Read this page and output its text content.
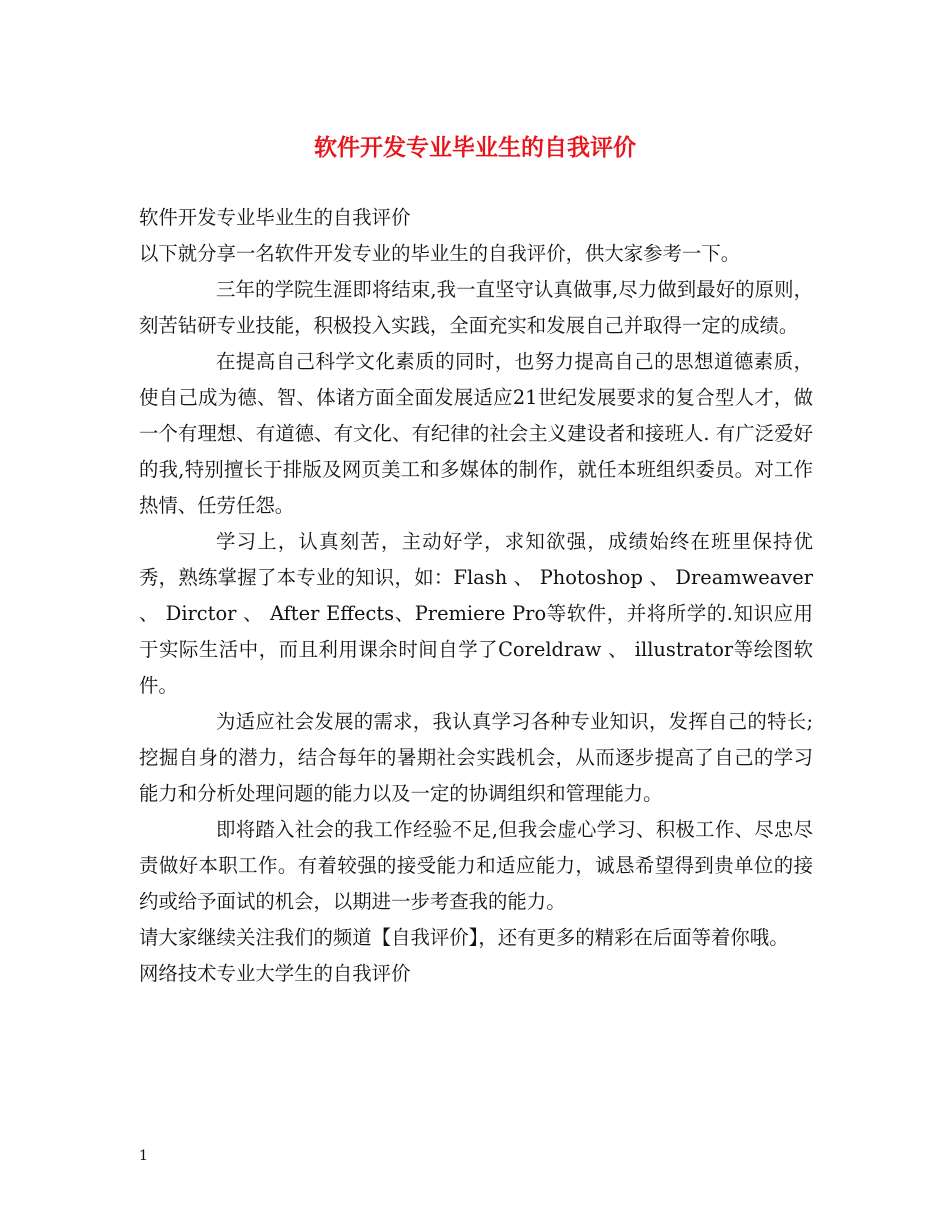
软件开发专业毕业生的自我评价

软件开发专业毕业生的自我评价

以下就分享一名软件开发专业的毕业生的自我评价，供大家参考一下。

三年的学院生涯即将结束,我一直坚守认真做事,尽力做到最好的原则，刻苦钻研专业技能，积极投入实践，全面充实和发展自己并取得一定的成绩。

在提高自己科学文化素质的同时，也努力提高自己的思想道德素质，使自己成为德、智、体诸方面全面发展适应21世纪发展要求的复合型人才，做一个有理想、有道德、有文化、有纪律的社会主义建设者和接班人. 有广泛爱好的我,特别擅长于排版及网页美工和多媒体的制作，就任本班组织委员。对工作热情、任劳任怨。

学习上，认真刻苦，主动好学，求知欲强，成绩始终在班里保持优秀，熟练掌握了本专业的知识，如：Flash 、 Photoshop 、 Dreamweaver 、 Dirctor 、 After Effects、Premiere Pro等软件，并将所学的.知识应用于实际生活中，而且利用课余时间自学了Coreldraw 、 illustrator等绘图软件。

为适应社会发展的需求，我认真学习各种专业知识，发挥自己的特长;挖掘自身的潜力，结合每年的暑期社会实践机会，从而逐步提高了自己的学习能力和分析处理问题的能力以及一定的协调组织和管理能力。

即将踏入社会的我工作经验不足,但我会虚心学习、积极工作、尽忠尽责做好本职工作。有着较强的接受能力和适应能力，诚恳希望得到贵单位的接约或给予面试的机会，以期进一步考查我的能力。

请大家继续关注我们的频道【自我评价】，还有更多的精彩在后面等着你哦。

网络技术专业大学生的自我评价

1
